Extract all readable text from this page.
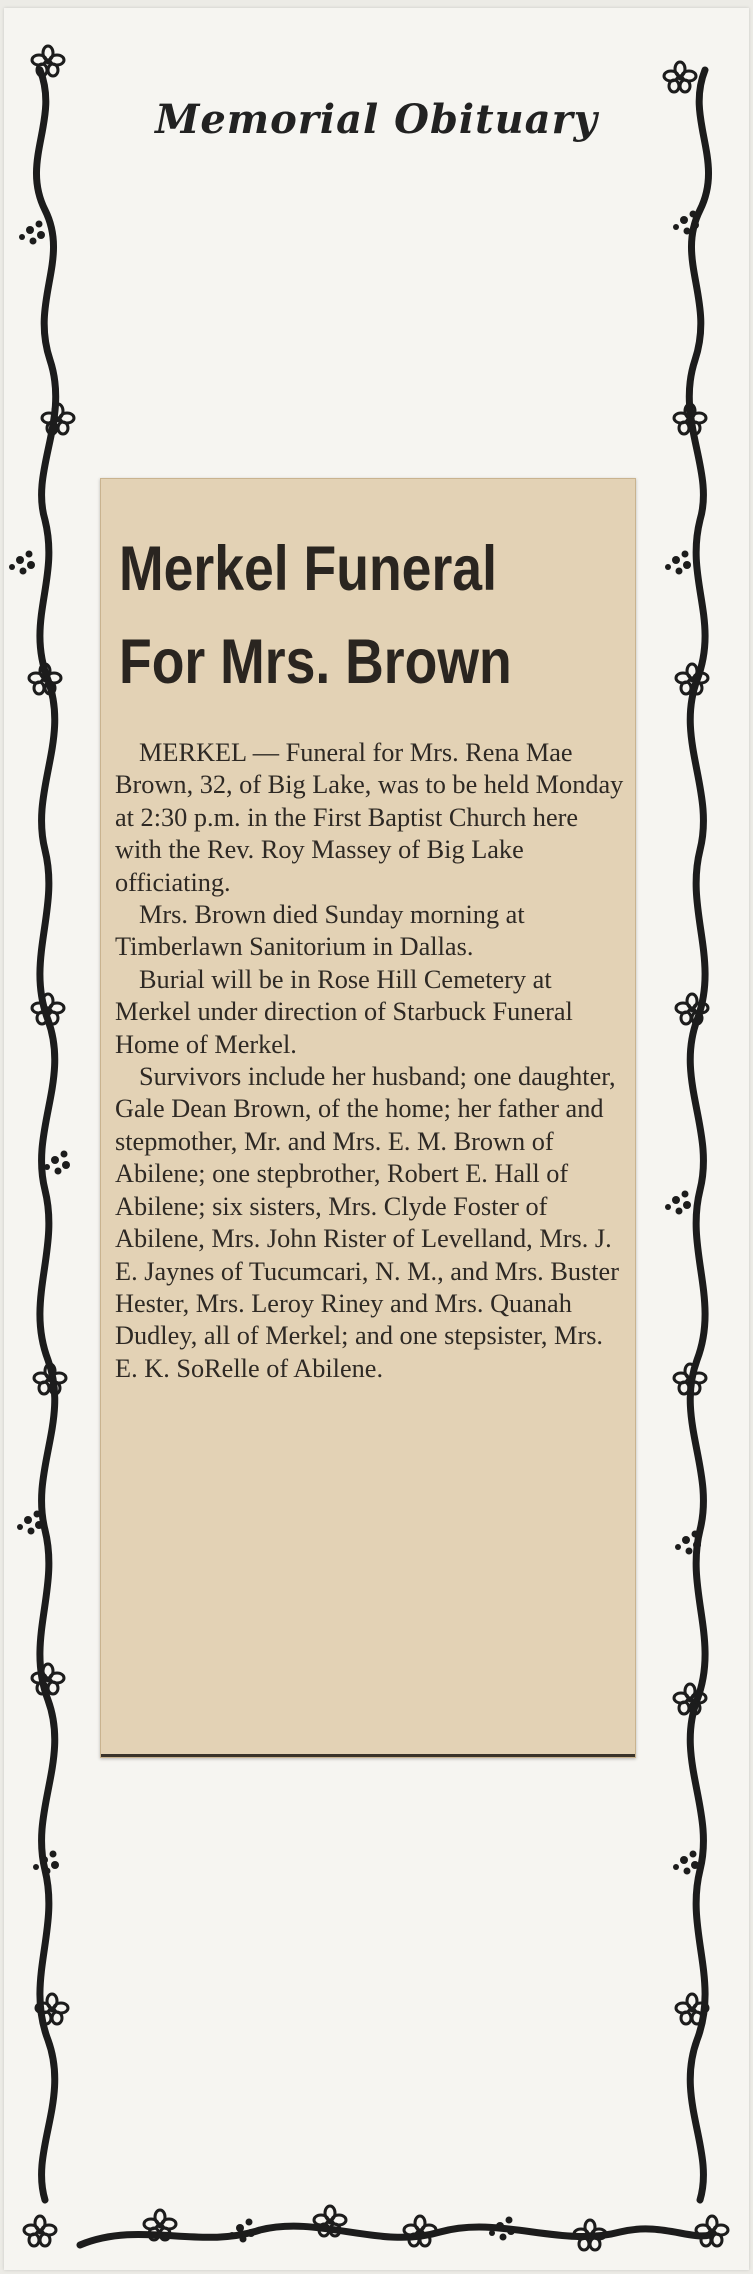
Memorial Obituary
Merkel Funeral
For Mrs. Brown

MERKEL — Funeral for Mrs. Rena Mae Brown, 32, of Big Lake, was to be held Monday at 2:30 p.m. in the First Baptist Church here with the Rev. Roy Massey of Big Lake officiating.

Mrs. Brown died Sunday morning at Timberlawn Sanitorium in Dallas.

Burial will be in Rose Hill Cemetery at Merkel under direction of Starbuck Funeral Home of Merkel.

Survivors include her husband; one daughter, Gale Dean Brown, of the home; her father and stepmother, Mr. and Mrs. E. M. Brown of Abilene; one stepbrother, Robert E. Hall of Abilene; six sisters, Mrs. Clyde Foster of Abilene, Mrs. John Rister of Levelland, Mrs. J. E. Jaynes of Tucumcari, N. M., and Mrs. Buster Hester, Mrs. Leroy Riney and Mrs. Quanah Dudley, all of Merkel; and one stepsister, Mrs. E. K. SoRelle of Abilene.
